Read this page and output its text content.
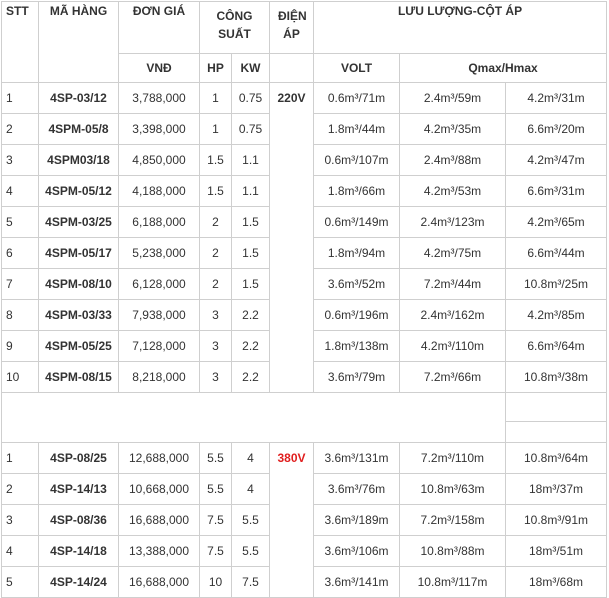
STT	MÃ HÀNG	ĐƠN GIÁ	CÔNG SUẤT		ĐIỆN ÁP	LƯU LƯỢNG-CỘT ÁP		
		VNĐ	HP	KW		VOLT	Qmax/Hmax	
1	4SP-03/12	3,788,000	1	0.75	220V	0.6m³/71m	2.4m³/59m	4.2m³/31m
2	4SPM-05/8	3,398,000	1	0.75		1.8m³/44m	4.2m³/35m	6.6m³/20m
3	4SPM03/18	4,850,000	1.5	1.1		0.6m³/107m	2.4m³/88m	4.2m³/47m
4	4SPM-05/12	4,188,000	1.5	1.1		1.8m³/66m	4.2m³/53m	6.6m³/31m
5	4SPM-03/25	6,188,000	2	1.5		0.6m³/149m	2.4m³/123m	4.2m³/65m
6	4SPM-05/17	5,238,000	2	1.5		1.8m³/94m	4.2m³/75m	6.6m³/44m
7	4SPM-08/10	6,128,000	2	1.5		3.6m³/52m	7.2m³/44m	10.8m³/25m
8	4SPM-03/33	7,938,000	3	2.2		0.6m³/196m	2.4m³/162m	4.2m³/85m
9	4SPM-05/25	7,128,000	3	2.2		1.8m³/138m	4.2m³/110m	6.6m³/64m
10	4SPM-08/15	8,218,000	3	2.2		3.6m³/79m	7.2m³/66m	10.8m³/38m

1	4SP-08/25	12,688,000	5.5	4	380V	3.6m³/131m	7.2m³/110m	10.8m³/64m
2	4SP-14/13	10,668,000	5.5	4		3.6m³/76m	10.8m³/63m	18m³/37m
3	4SP-08/36	16,688,000	7.5	5.5		3.6m³/189m	7.2m³/158m	10.8m³/91m
4	4SP-14/18	13,388,000	7.5	5.5		3.6m³/106m	10.8m³/88m	18m³/51m
5	4SP-14/24	16,688,000	10	7.5		3.6m³/141m	10.8m³/117m	18m³/68m
